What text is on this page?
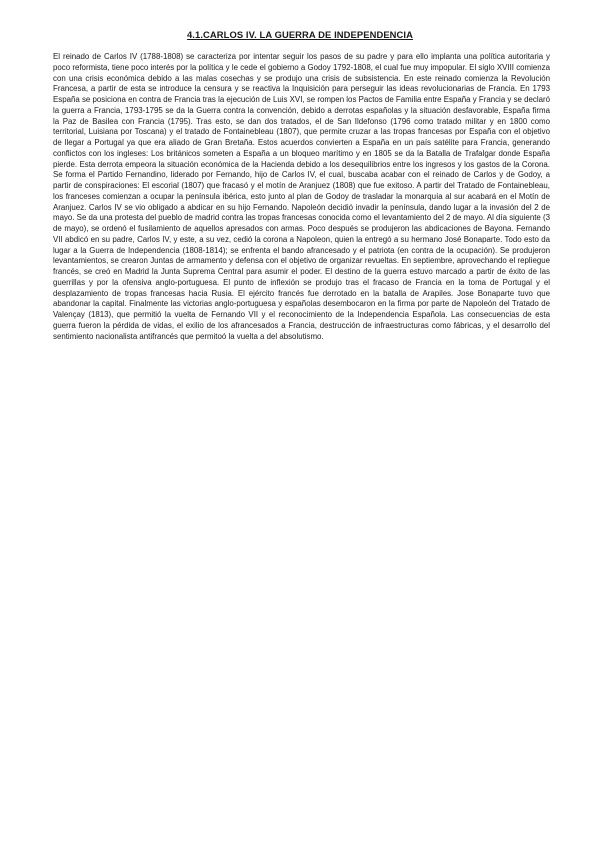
4.1.CARLOS IV. LA GUERRA DE INDEPENDENCIA

El reinado de Carlos IV (1788-1808) se caracteriza por intentar seguir los pasos de su padre y para ello implanta una política autoritaria y poco reformista, tiene poco interés por la política y le cede el gobierno a Godoy 1792-1808, el cual fue muy impopular. El siglo XVIII comienza con una crisis económica debido a las malas cosechas y se produjo una crisis de subsistencia. En este reinado comienza la Revolución Francesa, a partir de esta se introduce la censura y se reactiva la Inquisición para perseguir las ideas revolucionarias de Francia. En 1793 España se posiciona en contra de Francia tras la ejecución de Luis XVI, se rompen los Pactos de Familia entre España y Francia y se declaró la guerra a Francia, 1793-1795 se da la Guerra contra la convención, debido a derrotas españolas y la situación desfavorable, España firma la Paz de Basilea con Francia (1795). Tras esto, se dan dos tratados, el de San Ildefonso (1796 como tratado militar y en 1800 como territorial, Luisiana por Toscana) y el tratado de Fontainebleau (1807), que permite cruzar a las tropas francesas por España con el objetivo de llegar a Portugal ya que era aliado de Gran Bretaña. Estos acuerdos convierten a España en un país satélite para Francia, generando conflictos con los ingleses: Los británicos someten a España a un bloqueo marítimo y en 1805 se da la Batalla de Trafalgar donde España pierde. Esta derrota empeora la situación económica de la Hacienda debido a los desequilibrios entre los ingresos y los gastos de la Corona. Se forma el Partido Fernandino, liderado por Fernando, hijo de Carlos IV, el cual, buscaba acabar con el reinado de Carlos y de Godoy, a partir de conspiraciones: El escorial (1807) que fracasó y el motín de Aranjuez (1808) que fue exitoso. A partir del Tratado de Fontainebleau, los franceses comienzan a ocupar la península ibérica, esto junto al plan de Godoy de trasladar la monarquía al sur acabará en el Motín de Aranjuez. Carlos IV se vio obligado a abdicar en su hijo Fernando. Napoleón decidió invadir la península, dando lugar a la invasión del 2 de mayo. Se da una protesta del pueblo de madrid contra las tropas francesas conocida como el levantamiento del 2 de mayo. Al día siguiente (3 de mayo), se ordenó el fusilamiento de aquellos apresados con armas. Poco después se produjeron las abdicaciones de Bayona. Fernando VII abdicó en su padre, Carlos IV, y este, a su vez, cedió la corona a Napoleon, quien la entregó a su hermano José Bonaparte. Todo esto da lugar a la Guerra de Independencia (1808-1814); se enfrenta el bando afrancesado y el patriota (en contra de la ocupación). Se produjeron levantamientos, se crearon Juntas de armamento y defensa con el objetivo de organizar revueltas. En septiembre, aprovechando el repliegue francés, se creó en Madrid la Junta Suprema Central para asumir el poder. El destino de la guerra estuvo marcado a partir de éxito de las guerrillas y por la ofensiva anglo-portuguesa. El punto de inflexión se produjo tras el fracaso de Francia en la toma de Portugal y el desplazamiento de tropas francesas hacia Rusia. El ejército francés fue derrotado en la batalla de Arapiles. Jose Bonaparte tuvo que abandonar la capital. Finalmente las victorias anglo-portuguesa y españolas desembocaron en la firma por parte de Napoleón del Tratado de Valençay (1813), que permitió la vuelta de Fernando VII y el reconocimiento de la Independencia Española. Las consecuencias de esta guerra fueron la pérdida de vidas, el exilio de los afrancesados a Francia, destrucción de infraestructuras como fábricas, y el desarrollo del sentimiento nacionalista antifrancés que permitoó la vuelta a del absolutismo.
